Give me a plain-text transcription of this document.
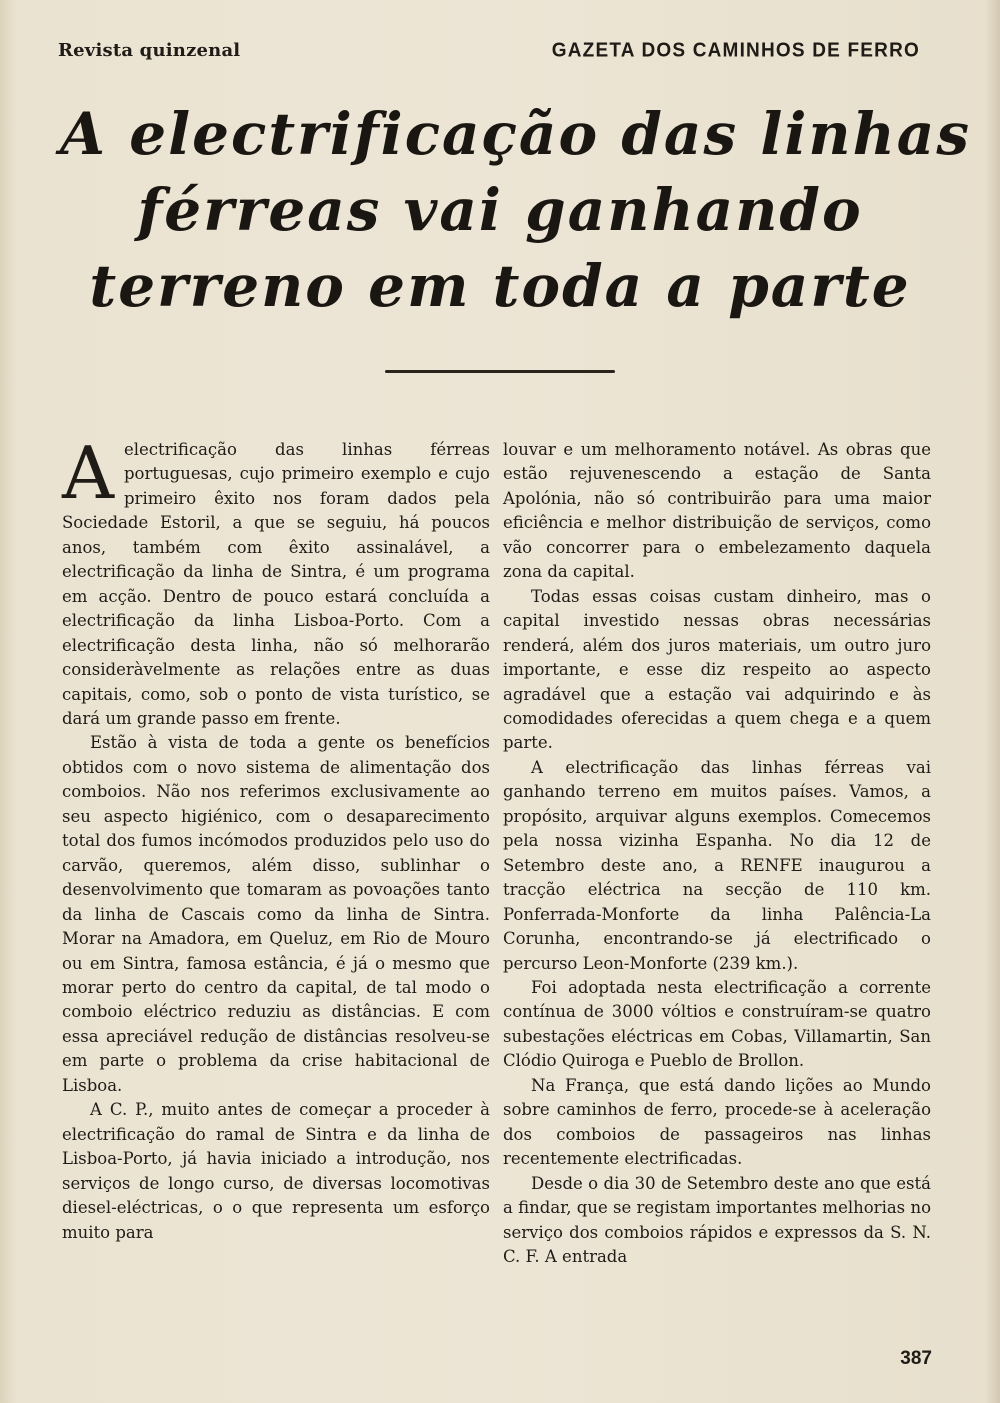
Revista quinzenal	GAZETA DOS CAMINHOS DE FERRO
A electrificação das linhas
férreas vai ganhando
terreno em toda a parte

Aelectrificação das linhas férreas portuguesas, cujo primeiro exemplo e cujo primeiro êxito nos foram dados pela Sociedade Estoril, a que se seguiu, há poucos anos, também com êxito assinalável, a electrificação da linha de Sintra, é um programa em acção. Dentro de pouco estará concluída a electrificação da linha Lisboa-Porto. Com a electrificação desta linha, não só melhorarão consideràvelmente as relações entre as duas capitais, como, sob o ponto de vista turístico, se dará um grande passo em frente.

Estão à vista de toda a gente os benefícios obtidos com o novo sistema de alimentação dos comboios. Não nos referimos exclusivamente ao seu aspecto higiénico, com o desaparecimento total dos fumos incómodos produzidos pelo uso do carvão, queremos, além disso, sublinhar o desenvolvimento que tomaram as povoações tanto da linha de Cascais como da linha de Sintra. Morar na Amadora, em Queluz, em Rio de Mouro ou em Sintra, famosa estância, é já o mesmo que morar perto do centro da capital, de tal modo o comboio eléctrico reduziu as distâncias. E com essa apreciável redução de distâncias resolveu-se em parte o problema da crise habitacional de Lisboa.

A C. P., muito antes de começar a proceder à electrificação do ramal de Sintra e da linha de Lisboa-Porto, já havia iniciado a introdução, nos serviços de longo curso, de diversas locomotivas diesel-eléctricas, o o que representa um esforço muito para

louvar e um melhoramento notável. As obras que estão rejuvenescendo a estação de Santa Apolónia, não só contribuirão para uma maior eficiência e melhor distribuição de serviços, como vão concorrer para o embelezamento daquela zona da capital.

Todas essas coisas custam dinheiro, mas o capital investido nessas obras necessárias renderá, além dos juros materiais, um outro juro importante, e esse diz respeito ao aspecto agradável que a estação vai adquirindo e às comodidades oferecidas a quem chega e a quem parte.

A electrificação das linhas férreas vai ganhando terreno em muitos países. Vamos, a propósito, arquivar alguns exemplos. Comecemos pela nossa vizinha Espanha. No dia 12 de Setembro deste ano, a RENFE inaugurou a tracção eléctrica na secção de 110 km. Ponferrada-Monforte da linha Palência-La Corunha, encontrando-se já electrificado o percurso Leon-Monforte (239 km.).

Foi adoptada nesta electrificação a corrente contínua de 3000 vóltios e construíram-se quatro subestações eléctricas em Cobas, Villamartin, San Clódio Quiroga e Pueblo de Brollon.

Na França, que está dando lições ao Mundo sobre caminhos de ferro, procede-se à aceleração dos comboios de passageiros nas linhas recentemente electrificadas.

Desde o dia 30 de Setembro deste ano que está a findar, que se registam importantes melhorias no serviço dos comboios rápidos e expressos da S. N. C. F. A entrada

387
